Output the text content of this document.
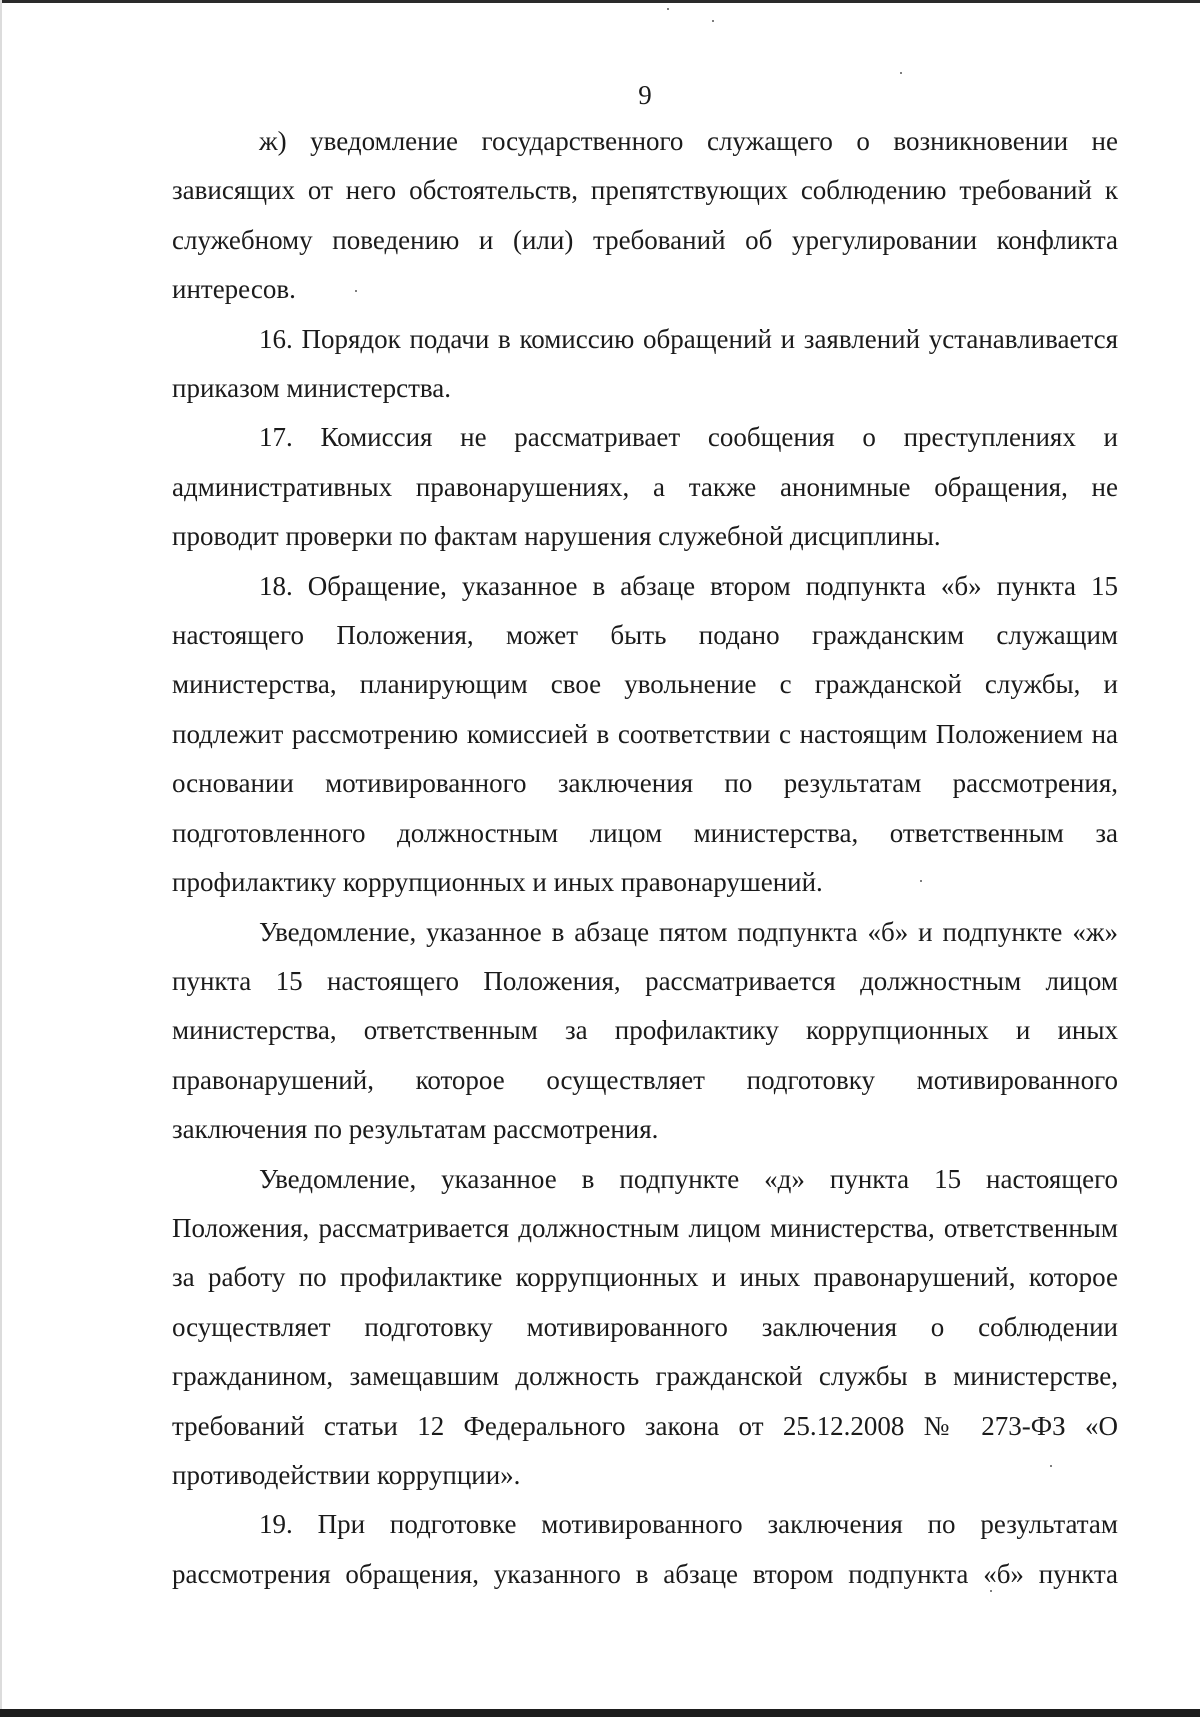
9

ж) уведомление государственного служащего о возникновении не зависящих от него обстоятельств, препятствующих соблюдению требований к служебному поведению и (или) требований об урегулировании конфликта интересов.

16. Порядок подачи в комиссию обращений и заявлений устанавливается приказом министерства.

17. Комиссия не рассматривает сообщения о преступлениях и административных правонарушениях, а также анонимные обращения, не проводит проверки по фактам нарушения служебной дисциплины.

18. Обращение, указанное в абзаце втором подпункта «б» пункта 15 настоящего Положения, может быть подано гражданским служащим министерства, планирующим свое увольнение с гражданской службы, и подлежит рассмотрению комиссией в соответствии с настоящим Положением на основании мотивированного заключения по результатам рассмотрения, подготовленного должностным лицом министерства, ответственным за профилактику коррупционных и иных правонарушений.

Уведомление, указанное в абзаце пятом подпункта «б» и подпункте «ж» пункта 15 настоящего Положения, рассматривается должностным лицом министерства, ответственным за профилактику коррупционных и иных правонарушений, которое осуществляет подготовку мотивированного заключения по результатам рассмотрения.

Уведомление, указанное в подпункте «д» пункта 15 настоящего Положения, рассматривается должностным лицом министерства, ответственным за работу по профилактике коррупционных и иных правонарушений, которое осуществляет подготовку мотивированного заключения о соблюдении гражданином, замещавшим должность гражданской службы в министерстве, требований статьи 12 Федерального закона от 25.12.2008 № 273-ФЗ «О противодействии коррупции».

19. При подготовке мотивированного заключения по результатам рассмотрения обращения, указанного в абзаце втором подпункта «б» пункта
